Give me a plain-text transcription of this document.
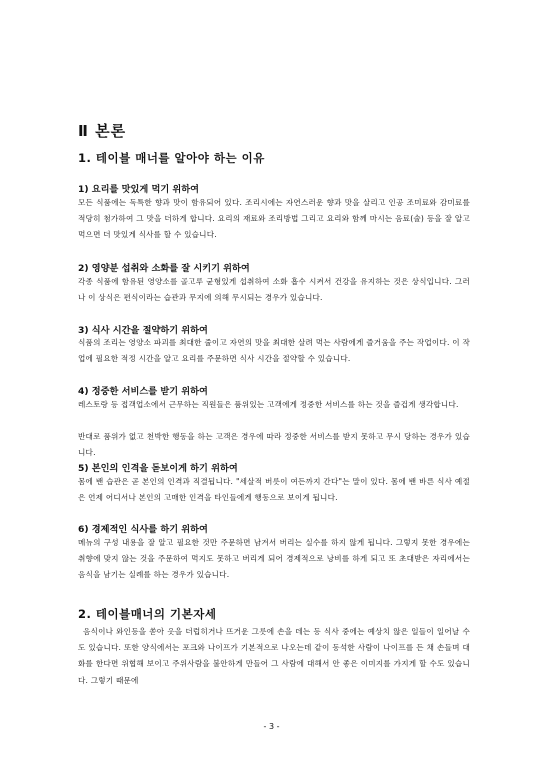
Ⅱ 본론
1. 테이블 매너를 알아야 하는 이유
1) 요리를 맛있게 먹기 위하여
모든 식품에는 독특한 향과 맛이 함유되어 있다. 조리시에는 자연스러운 향과 맛을 살리고 인공 조미료와 감미료를 적당히 첨가하여 그 맛을 더하게 합니다. 요리의 재료와 조리방법 그리고 요리와 함께 마시는 음료(술) 등을 잘 알고 먹으면 더 맛있게 식사를 할 수 있습니다.
2) 영양분 섭취와 소화를 잘 시키기 위하여
각종 식품에 함유된 영양소를 골고루 균형있게 섭취하여 소화 흡수 시켜서 건강을 유지하는 것은 상식입니다. 그러나 이 상식은 편식이라는 습관과 무지에 의해 무시되는 경우가 있습니다.
3) 식사 시간을 절약하기 위하여
식품의 조리는 영양소 파괴를 최대한 줄이고 자연의 맛을 최대한 살려 먹는 사람에게 즐거움을 주는 작업이다. 이 작업에 필요한 적정 시간을 알고 요리를 주문하면 식사 시간을 절약할 수 있습니다.
4) 정중한 서비스를 받기 위하여
레스토랑 등 접객업소에서 근무하는 직원들은 품위있는 고객에게 정중한 서비스를 하는 것을 즐겁게 생각합니다.
반대로 품위가 없고 천박한 행동을 하는 고객은 경우에 따라 정중한 서비스를 받지 못하고 무시 당하는 경우가 있습니다.
5) 본인의 인격을 돋보이게 하기 위하여
몸에 밴 습관은 곧 본인의 인격과 직결됩니다. "세살적 버릇이 여든까지 간다"는 말이 있다. 몸에 밴 바른 식사 예절은 언제 어디서나 본인의 고매한 인격을 타인들에게 행동으로 보이게 됩니다.
6) 경제적인 식사를 하기 위하여
메뉴의 구성 내용을 잘 알고 필요한 것만 주문하면 남겨서 버리는 실수를 하지 않게 됩니다. 그렇지 못한 경우에는 취향에 맞지 않는 것을 주문하여 먹지도 못하고 버리게 되어 경제적으로 낭비를 하게 되고 또 초대받은 자리에서는 음식을 남기는 실례를 하는 경우가 있습니다.
2. 테이블매너의 기본자세
음식이나 와인등을 쏟아 옷을 더럽히거나 뜨거운 그릇에 손을 데는 등 식사 중에는 예상치 않은 일들이 일어날 수도 있습니다. 또한 양식에서는 포크와 나이프가 기본적으로 나오는데 같이 동석한 사람이 나이프를 든 채 손들며 대화를 한다면 위협해 보이고 주위사람을 불안하게 만들어 그 사람에 대해서 안 좋은 이미지를 가지게 할 수도 있습니다. 그렇기 때문에
- 3 -
